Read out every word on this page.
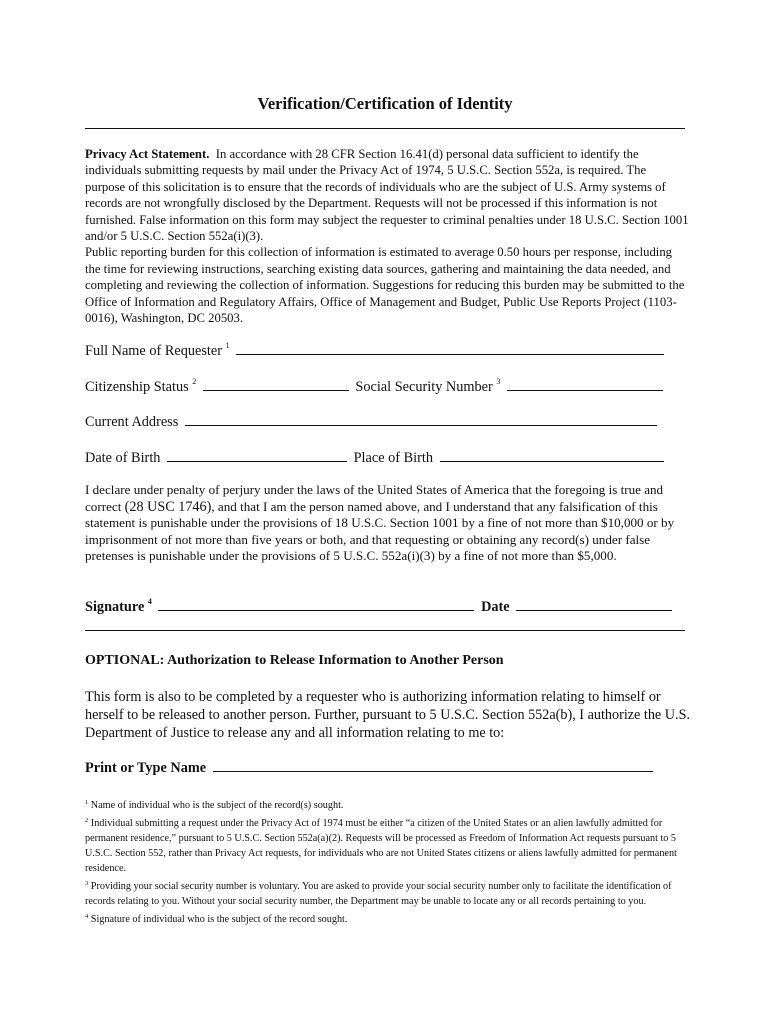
Verification/Certification of Identity
Privacy Act Statement. In accordance with 28 CFR Section 16.41(d) personal data sufficient to identify the individuals submitting requests by mail under the Privacy Act of 1974, 5 U.S.C. Section 552a, is required. The purpose of this solicitation is to ensure that the records of individuals who are the subject of U.S. Army systems of records are not wrongfully disclosed by the Department. Requests will not be processed if this information is not furnished. False information on this form may subject the requester to criminal penalties under 18 U.S.C. Section 1001 and/or 5 U.S.C. Section 552a(i)(3).
Public reporting burden for this collection of information is estimated to average 0.50 hours per response, including the time for reviewing instructions, searching existing data sources, gathering and maintaining the data needed, and completing and reviewing the collection of information. Suggestions for reducing this burden may be submitted to the Office of Information and Regulatory Affairs, Office of Management and Budget, Public Use Reports Project (1103-0016), Washington, DC 20503.
Full Name of Requester $^1$
Citizenship Status $^2$	Social Security Number $^3$
Current Address
Date of Birth	Place of Birth
I declare under penalty of perjury under the laws of the United States of America that the foregoing is true and correct (28 USC 1746), and that I am the person named above, and I understand that any falsification of this statement is punishable under the provisions of 18 U.S.C. Section 1001 by a fine of not more than $10,000 or by imprisonment of not more than five years or both, and that requesting or obtaining any record(s) under false pretenses is punishable under the provisions of 5 U.S.C. 552a(i)(3) by a fine of not more than $5,000.
Signature $^4$	Date
OPTIONAL: Authorization to Release Information to Another Person
This form is also to be completed by a requester who is authorizing information relating to himself or herself to be released to another person. Further, pursuant to 5 U.S.C. Section 552a(b), I authorize the U.S. Department of Justice to release any and all information relating to me to:
Print or Type Name
$^1$ Name of individual who is the subject of the record(s) sought.
$^2$ Individual submitting a request under the Privacy Act of 1974 must be either “a citizen of the United States or an alien lawfully admitted for permanent residence,” pursuant to 5 U.S.C. Section 552a(a)(2). Requests will be processed as Freedom of Information Act requests pursuant to 5 U.S.C. Section 552, rather than Privacy Act requests, for individuals who are not United States citizens or aliens lawfully admitted for permanent residence.
$^3$ Providing your social security number is voluntary. You are asked to provide your social security number only to facilitate the identification of records relating to you. Without your social security number, the Department may be unable to locate any or all records pertaining to you.
$^4$ Signature of individual who is the subject of the record sought.
